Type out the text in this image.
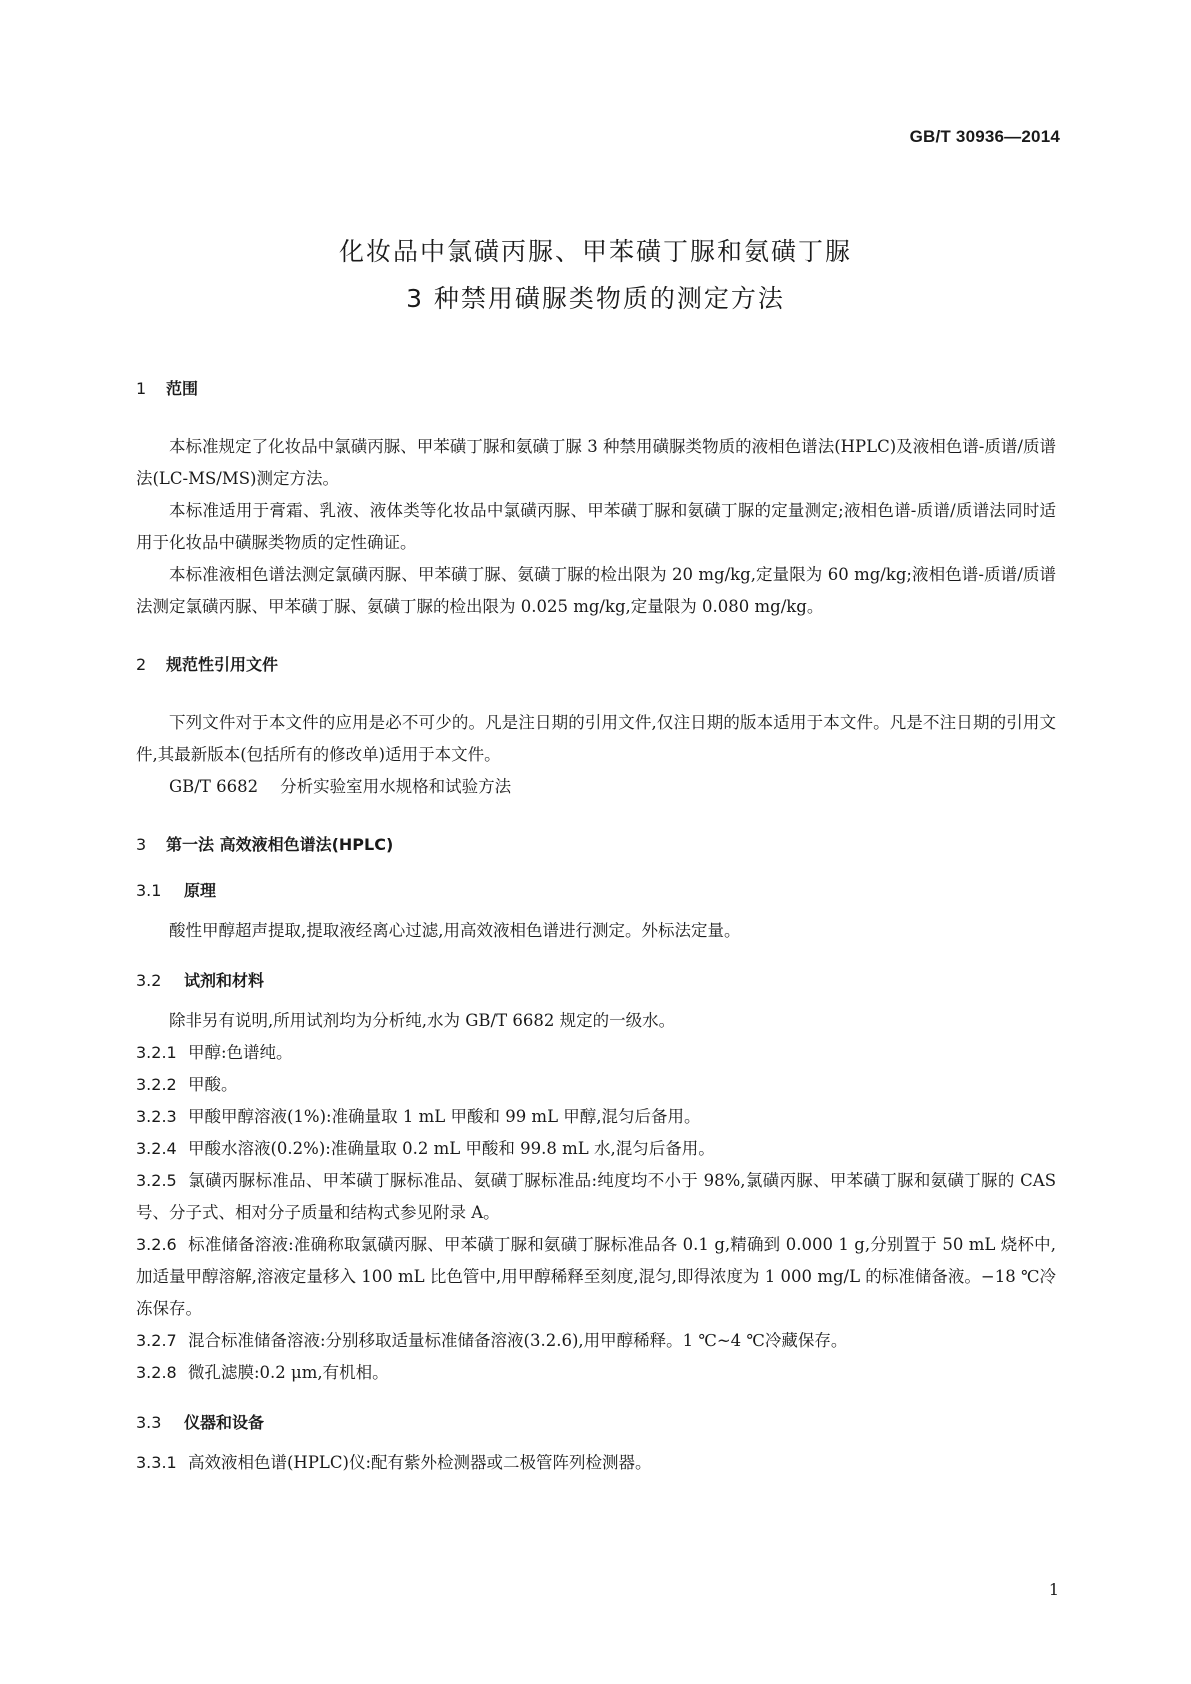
GB/T 30936—2014
化妆品中氯磺丙脲、甲苯磺丁脲和氨磺丁脲
3 种禁用磺脲类物质的测定方法
1 范围

本标准规定了化妆品中氯磺丙脲、甲苯磺丁脲和氨磺丁脲 3 种禁用磺脲类物质的液相色谱法(HPLC)及液相色谱-质谱/质谱法(LC-MS/MS)测定方法。

本标准适用于膏霜、乳液、液体类等化妆品中氯磺丙脲、甲苯磺丁脲和氨磺丁脲的定量测定;液相色谱-质谱/质谱法同时适用于化妆品中磺脲类物质的定性确证。

本标准液相色谱法测定氯磺丙脲、甲苯磺丁脲、氨磺丁脲的检出限为 20 mg/kg,定量限为 60 mg/kg;液相色谱-质谱/质谱法测定氯磺丙脲、甲苯磺丁脲、氨磺丁脲的检出限为 0.025 mg/kg,定量限为 0.080 mg/kg。

2 规范性引用文件

下列文件对于本文件的应用是必不可少的。凡是注日期的引用文件,仅注日期的版本适用于本文件。凡是不注日期的引用文件,其最新版本(包括所有的修改单)适用于本文件。

GB/T 6682 分析实验室用水规格和试验方法

3 第一法 高效液相色谱法(HPLC)
3.1 原理

酸性甲醇超声提取,提取液经离心过滤,用高效液相色谱进行测定。外标法定量。

3.2 试剂和材料

除非另有说明,所用试剂均为分析纯,水为 GB/T 6682 规定的一级水。

3.2.1 甲醇:色谱纯。

3.2.2 甲酸。

3.2.3 甲酸甲醇溶液(1%):准确量取 1 mL 甲酸和 99 mL 甲醇,混匀后备用。

3.2.4 甲酸水溶液(0.2%):准确量取 0.2 mL 甲酸和 99.8 mL 水,混匀后备用。

3.2.5 氯磺丙脲标准品、甲苯磺丁脲标准品、氨磺丁脲标准品:纯度均不小于 98%,氯磺丙脲、甲苯磺丁脲和氨磺丁脲的 CAS 号、分子式、相对分子质量和结构式参见附录 A。

3.2.6 标准储备溶液:准确称取氯磺丙脲、甲苯磺丁脲和氨磺丁脲标准品各 0.1 g,精确到 0.000 1 g,分别置于 50 mL 烧杯中,加适量甲醇溶解,溶液定量移入 100 mL 比色管中,用甲醇稀释至刻度,混匀,即得浓度为 1 000 mg/L 的标准储备液。−18 ℃冷冻保存。

3.2.7 混合标准储备溶液:分别移取适量标准储备溶液(3.2.6),用甲醇稀释。1 ℃~4 ℃冷藏保存。

3.2.8 微孔滤膜:0.2 μm,有机相。

3.3 仪器和设备

3.3.1 高效液相色谱(HPLC)仪:配有紫外检测器或二极管阵列检测器。

1
